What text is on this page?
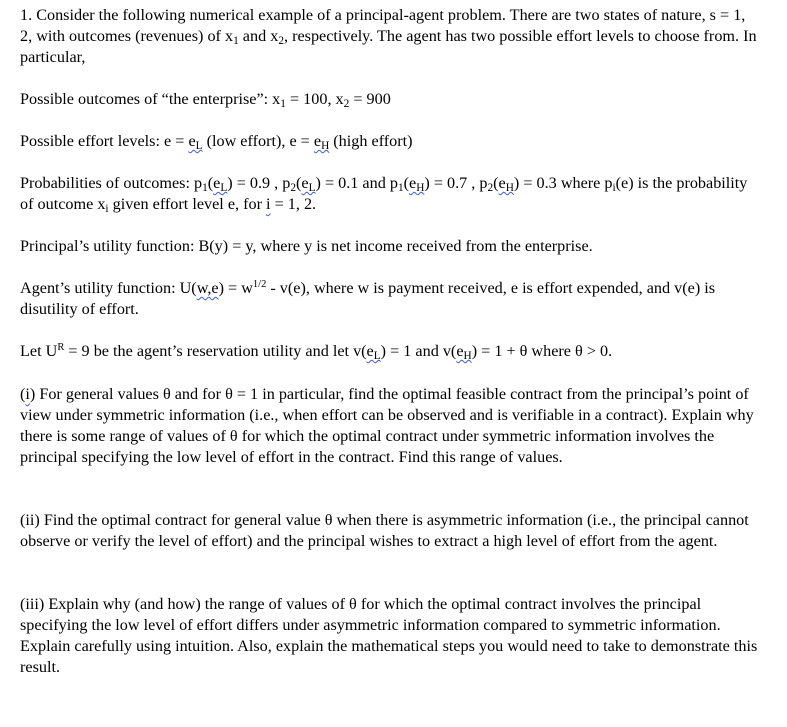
1. Consider the following numerical example of a principal-agent problem. There are two states of nature, s = 1, 2, with outcomes (revenues) of $x_1$ and $x_2$, respectively. The agent has two possible effort levels to choose from. In particular,

Possible outcomes of “the enterprise”: $x_1 = 100$, $x_2 = 900$

Possible effort levels: $e = e_L$ (low effort), $e = e_H$ (high effort)

Probabilities of outcomes: $p_1(e_L) = 0.9$ , $p_2(e_L) = 0.1$ and $p_1(e_H) = 0.7$ , $p_2(e_H) = 0.3$ where $p_i(e)$ is the probability of outcome $x_i$ given effort level e, for i = 1, 2.

Principal’s utility function: B(y) = y, where y is net income received from the enterprise.

Agent’s utility function: $U(w,e) = w^{1/2} - v(e)$, where w is payment received, e is effort expended, and v(e) is disutility of effort.

Let $U^R = 9$ be the agent’s reservation utility and let $v(e_L) = 1$ and $v(e_H) = 1 + \theta$ where θ > 0.

(i) For general values θ and for θ = 1 in particular, find the optimal feasible contract from the principal’s point of view under symmetric information (i.e., when effort can be observed and is verifiable in a contract). Explain why there is some range of values of θ for which the optimal contract under symmetric information involves the principal specifying the low level of effort in the contract. Find this range of values.

(ii) Find the optimal contract for general value θ when there is asymmetric information (i.e., the principal cannot observe or verify the level of effort) and the principal wishes to extract a high level of effort from the agent.

(iii) Explain why (and how) the range of values of θ for which the optimal contract involves the principal specifying the low level of effort differs under asymmetric information compared to symmetric information. Explain carefully using intuition. Also, explain the mathematical steps you would need to take to demonstrate this result.
